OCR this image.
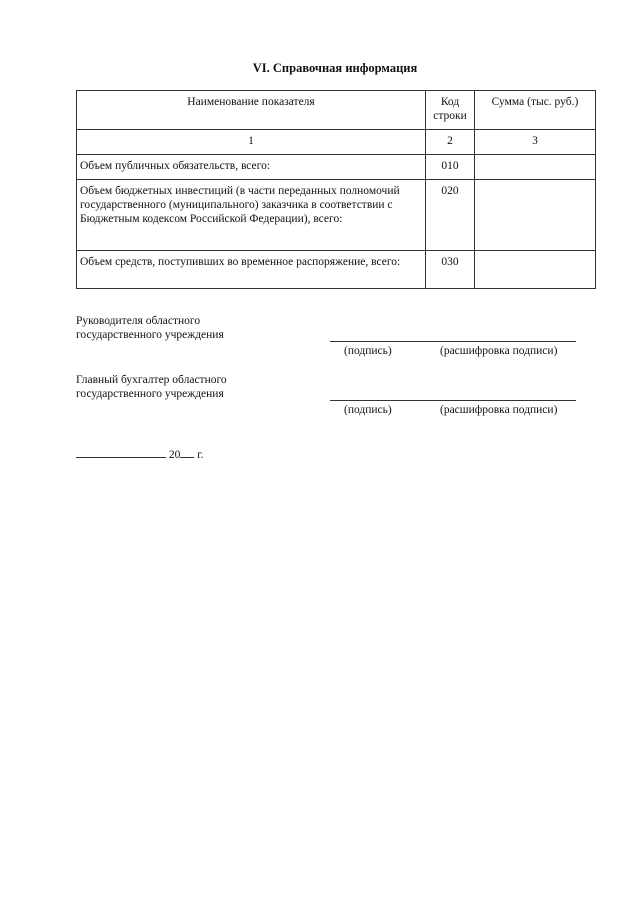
VI. Справочная информация
Наименование показателя	Код строки	Сумма (тыс. руб.)
1	2	3
Объем публичных обязательств, всего:	010	
Объем бюджетных инвестиций (в части переданных полномочий государственного (муниципального) заказчика в соответствии с Бюджетным кодексом Российской Федерации), всего:	020	
Объем средств, поступивших во временное распоряжение, всего:	030	
Руководителя областного
государственного учреждения
(подпись)	(расшифровка подписи)
Главный бухгалтер областного
государственного учреждения
(подпись)	(расшифровка подписи)
20 г.
